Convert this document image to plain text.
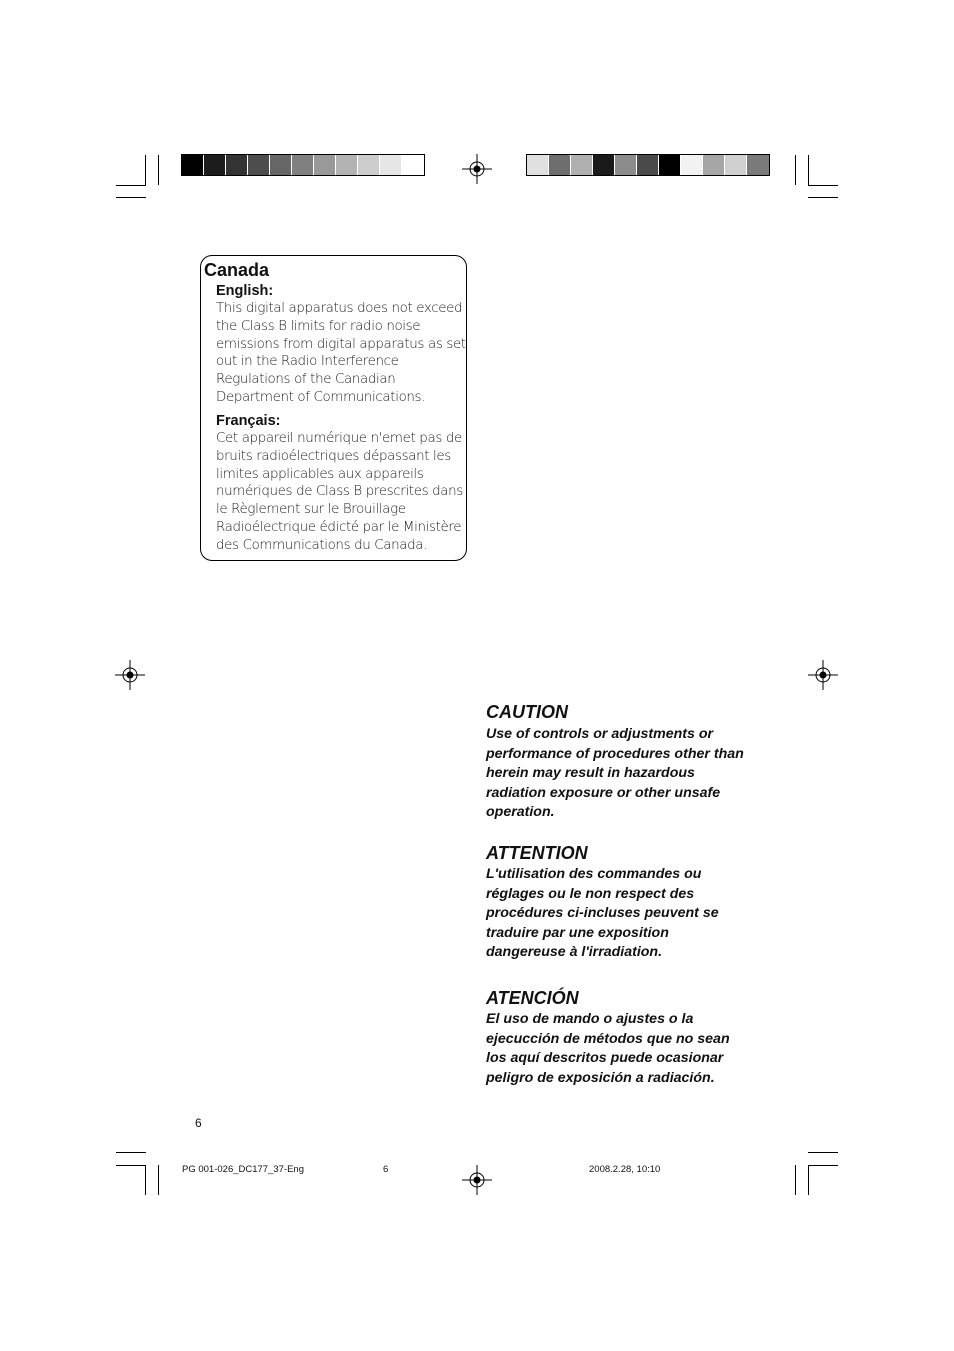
Canada
English:
This digital apparatus does not exceed the Class B limits for radio noise emissions from digital apparatus as set out in the Radio Interference Regulations of the Canadian Department of Communications.
Français:
Cet appareil numérique n'emet pas de bruits radioélectriques dépassant les limites applicables aux appareils numériques de Class B prescrites dans le Règlement sur le Brouillage Radioélectrique édicté par le Ministère des Communications du Canada.
CAUTION
Use of controls or adjustments or performance of procedures other than herein may result in hazardous radiation exposure or other unsafe operation.
ATTENTION
L'utilisation des commandes ou réglages ou le non respect des procédures ci-incluses peuvent se traduire par une exposition dangereuse à l'irradiation.
ATENCIÓN
El uso de mando o ajustes o la ejecucción de métodos que no sean los aquí descritos puede ocasionar peligro de exposición a radiación.
6
PG 001-026_DC177_37-Eng	6	2008.2.28, 10:10
